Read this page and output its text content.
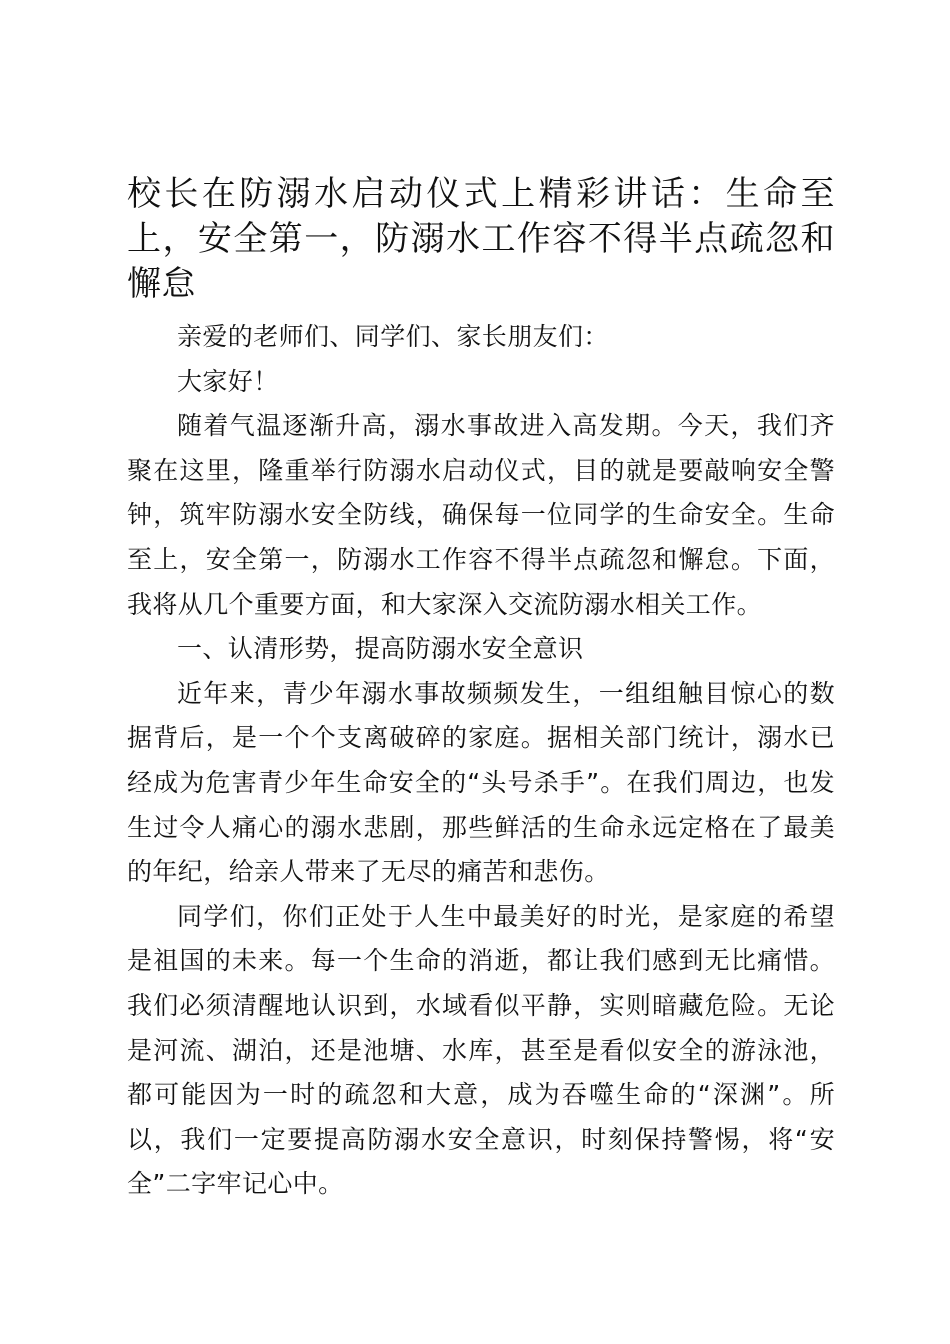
校长在防溺水启动仪式上精彩讲话：生命至上，安全第一，防溺水工作容不得半点疏忽和懈怠

亲爱的老师们、同学们、家长朋友们：

大家好！

随着气温逐渐升高，溺水事故进入高发期。今天，我们齐聚在这里，隆重举行防溺水启动仪式，目的就是要敲响安全警钟，筑牢防溺水安全防线，确保每一位同学的生命安全。生命至上，安全第一，防溺水工作容不得半点疏忽和懈怠。下面，我将从几个重要方面，和大家深入交流防溺水相关工作。

一、认清形势，提高防溺水安全意识

近年来，青少年溺水事故频频发生，一组组触目惊心的数据背后，是一个个支离破碎的家庭。据相关部门统计，溺水已经成为危害青少年生命安全的“头号杀手”。在我们周边，也发生过令人痛心的溺水悲剧，那些鲜活的生命永远定格在了最美的年纪，给亲人带来了无尽的痛苦和悲伤。

同学们，你们正处于人生中最美好的时光，是家庭的希望是祖国的未来。每一个生命的消逝，都让我们感到无比痛惜。我们必须清醒地认识到，水域看似平静，实则暗藏危险。无论是河流、湖泊，还是池塘、水库，甚至是看似安全的游泳池，都可能因为一时的疏忽和大意，成为吞噬生命的“深渊”。所以，我们一定要提高防溺水安全意识，时刻保持警惕，将“安全”二字牢记心中。
